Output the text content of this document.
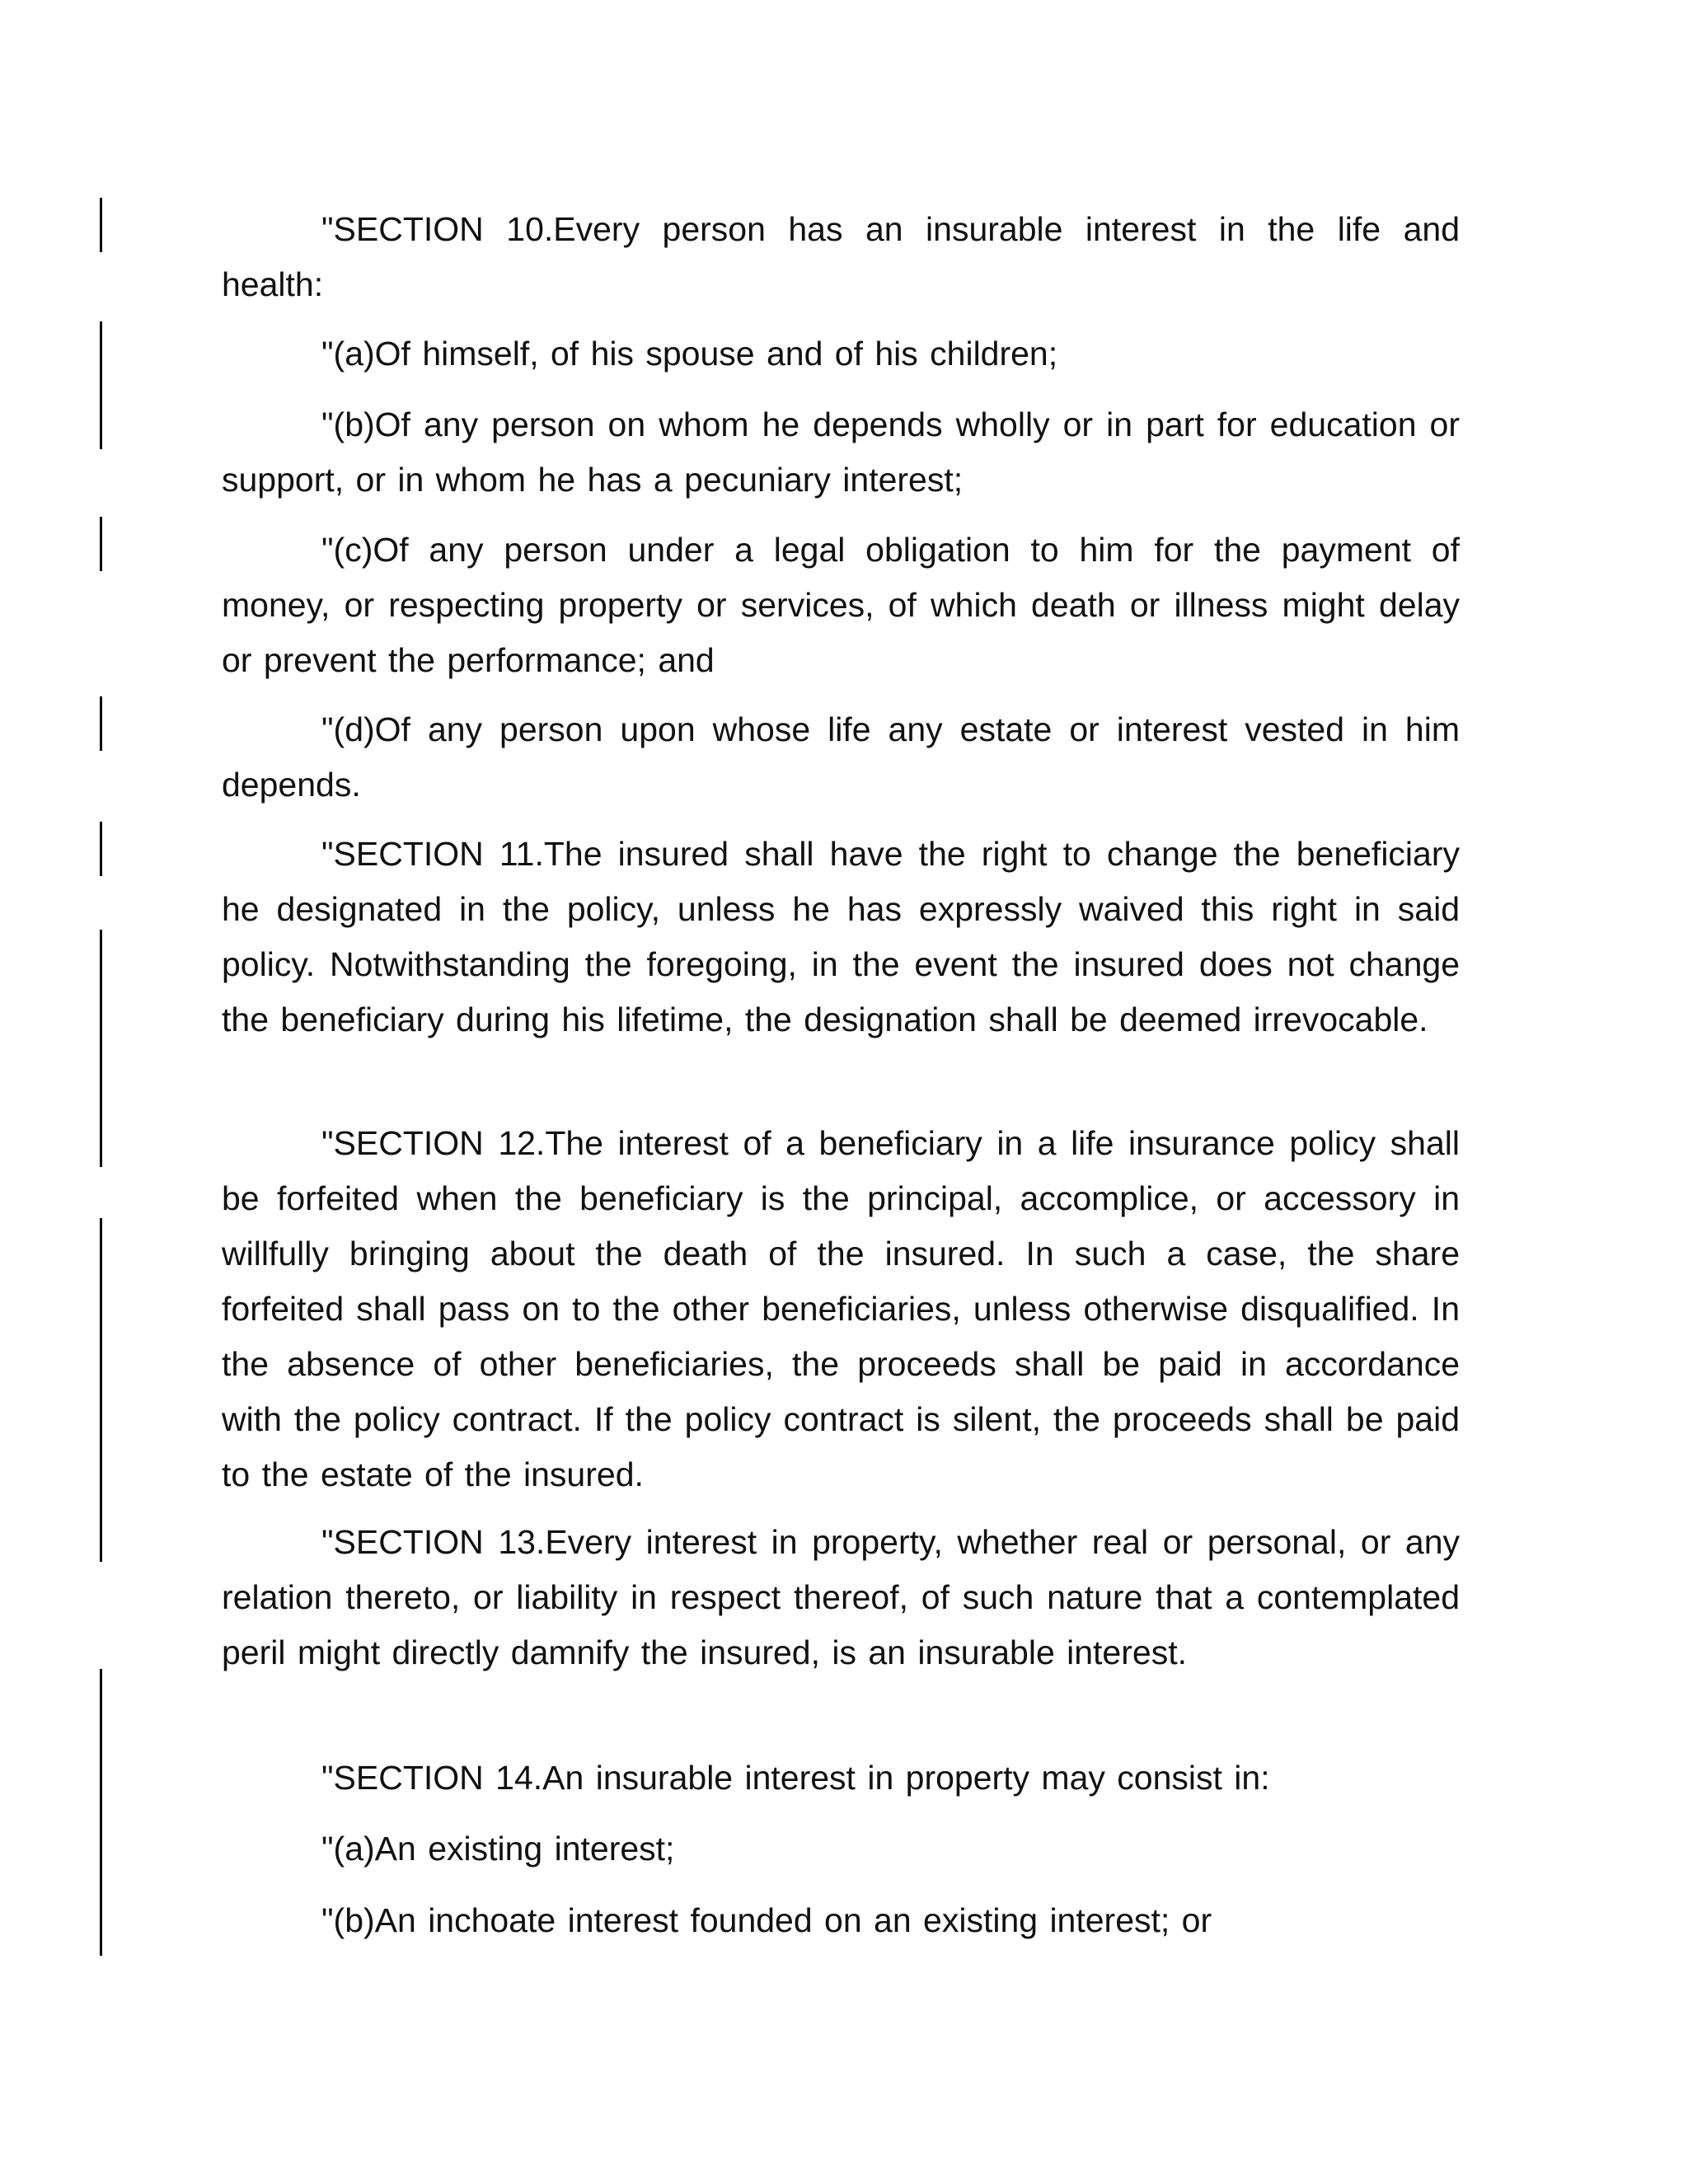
"SECTION 10.Every person has an insurable interest in the life and health:

"(a)Of himself, of his spouse and of his children;

"(b)Of any person on whom he depends wholly or in part for education or support, or in whom he has a pecuniary interest;

"(c)Of any person under a legal obligation to him for the payment of money, or respecting property or services, of which death or illness might delay or prevent the performance; and

"(d)Of any person upon whose life any estate or interest vested in him depends.

"SECTION 11.The insured shall have the right to change the beneficiary he designated in the policy, unless he has expressly waived this right in said policy. Notwithstanding the foregoing, in the event the insured does not change the beneficiary during his lifetime, the designation shall be deemed irrevocable.

"SECTION 12.The interest of a beneficiary in a life insurance policy shall be forfeited when the beneficiary is the principal, accomplice, or accessory in willfully bringing about the death of the insured. In such a case, the share forfeited shall pass on to the other beneficiaries, unless otherwise disqualified. In the absence of other beneficiaries, the proceeds shall be paid in accordance with the policy contract. If the policy contract is silent, the proceeds shall be paid to the estate of the insured.

"SECTION 13.Every interest in property, whether real or personal, or any relation thereto, or liability in respect thereof, of such nature that a contemplated peril might directly damnify the insured, is an insurable interest.

"SECTION 14.An insurable interest in property may consist in:

"(a)An existing interest;

"(b)An inchoate interest founded on an existing interest; or
